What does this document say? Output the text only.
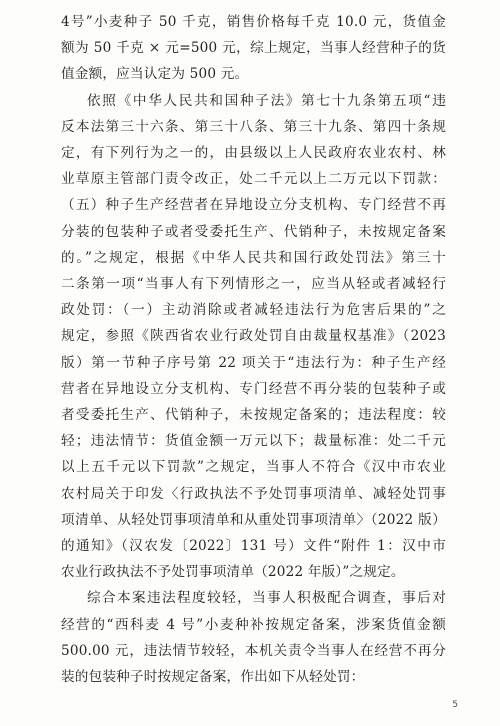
4号”小麦种子 50 千克，销售价格每千克 10.0 元，货值金
额为 50 千克 × 元=500 元，综上规定，当事人经营种子的货
值金额，应当认定为 500 元。
依照《中华人民共和国种子法》第七十九条第五项“违
反本法第三十六条、第三十八条、第三十九条、第四十条规
定，有下列行为之一的，由县级以上人民政府农业农村、林
业草原主管部门责令改正，处二千元以上二万元以下罚款：
（五）种子生产经营者在异地设立分支机构、专门经营不再
分装的包装种子或者受委托生产、代销种子，未按规定备案
的。”之规定，根据《中华人民共和国行政处罚法》第三十
二条第一项“当事人有下列情形之一，应当从轻或者减轻行
政处罚：（一）主动消除或者减轻违法行为危害后果的”之
规定，参照《陕西省农业行政处罚自由裁量权基准》（2023
版）第一节种子序号第 22 项关于“违法行为：种子生产经
营者在异地设立分支机构、专门经营不再分装的包装种子或
者受委托生产、代销种子，未按规定备案的；违法程度：较
轻；违法情节：货值金额一万元以下；裁量标准：处二千元
以上五千元以下罚款”之规定，当事人不符合《汉中市农业
农村局关于印发〈行政执法不予处罚事项清单、减轻处罚事
项清单、从轻处罚事项清单和从重处罚事项清单〉（2022 版）
的通知》（汉农发〔2022〕131 号）文件“附件 1：汉中市
农业行政执法不予处罚事项清单（2022 年版）”之规定。
综合本案违法程度较轻，当事人积极配合调查，事后对
经营的“西科麦 4 号”小麦种补按规定备案，涉案货值金额
500.00 元，违法情节较轻，本机关责令当事人在经营不再分
装的包装种子时按规定备案，作出如下从轻处罚：
5
